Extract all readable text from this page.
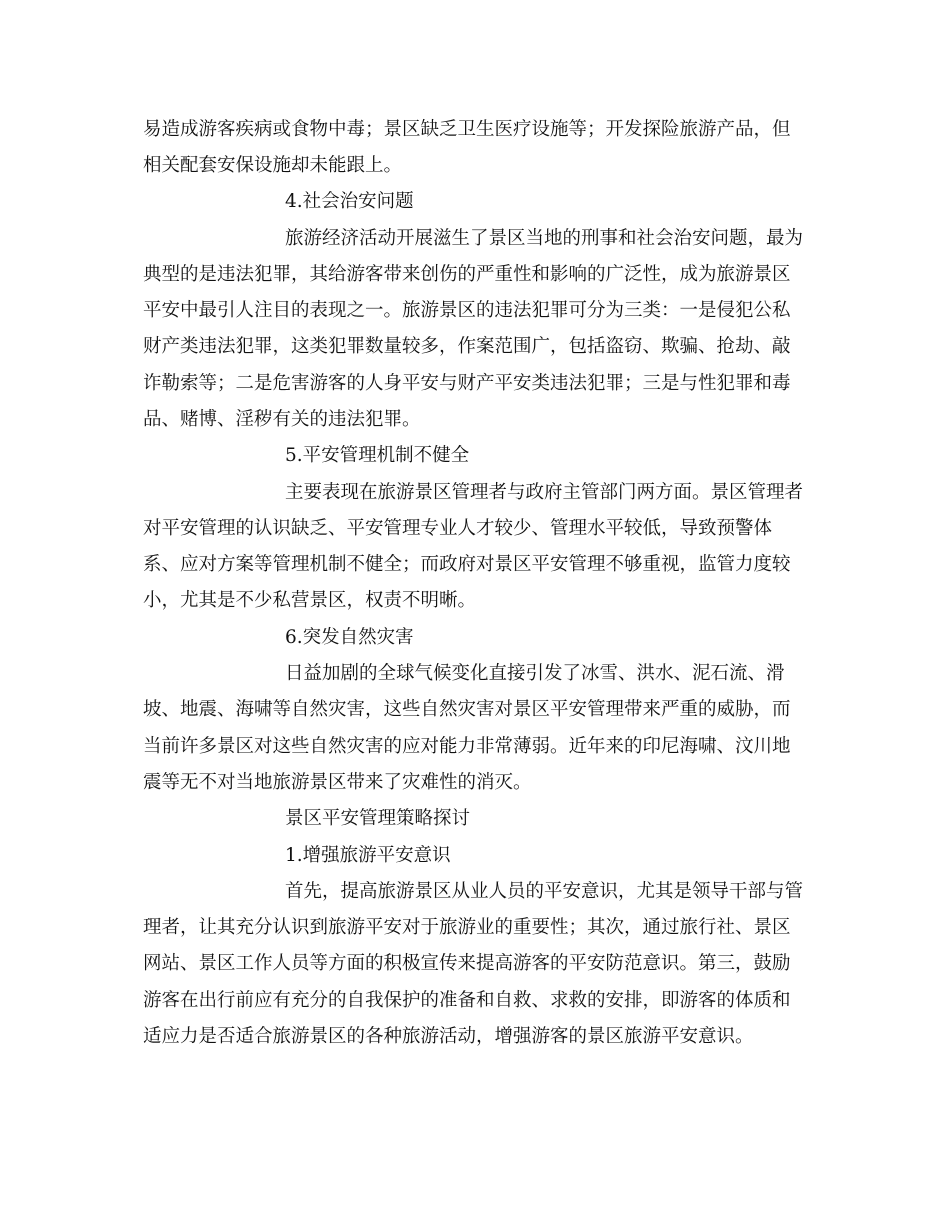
易造成游客疾病或食物中毒；景区缺乏卫生医疗设施等；开发探险旅游产品，但
相关配套安保设施却未能跟上。
4.社会治安问题
旅游经济活动开展滋生了景区当地的刑事和社会治安问题，最为
典型的是违法犯罪，其给游客带来创伤的严重性和影响的广泛性，成为旅游景区
平安中最引人注目的表现之一。旅游景区的违法犯罪可分为三类：一是侵犯公私
财产类违法犯罪，这类犯罪数量较多，作案范围广，包括盗窃、欺骗、抢劫、敲
诈勒索等；二是危害游客的人身平安与财产平安类违法犯罪；三是与性犯罪和毒
品、赌博、淫秽有关的违法犯罪。
5.平安管理机制不健全
主要表现在旅游景区管理者与政府主管部门两方面。景区管理者
对平安管理的认识缺乏、平安管理专业人才较少、管理水平较低，导致预警体
系、应对方案等管理机制不健全；而政府对景区平安管理不够重视，监管力度较
小，尤其是不少私营景区，权责不明晰。
6.突发自然灾害
日益加剧的全球气候变化直接引发了冰雪、洪水、泥石流、滑
坡、地震、海啸等自然灾害，这些自然灾害对景区平安管理带来严重的威胁，而
当前许多景区对这些自然灾害的应对能力非常薄弱。近年来的印尼海啸、汶川地
震等无不对当地旅游景区带来了灾难性的消灭。
景区平安管理策略探讨
1.增强旅游平安意识
首先，提高旅游景区从业人员的平安意识，尤其是领导干部与管
理者，让其充分认识到旅游平安对于旅游业的重要性；其次，通过旅行社、景区
网站、景区工作人员等方面的积极宣传来提高游客的平安防范意识。第三，鼓励
游客在出行前应有充分的自我保护的准备和自救、求救的安排，即游客的体质和
适应力是否适合旅游景区的各种旅游活动，增强游客的景区旅游平安意识。
